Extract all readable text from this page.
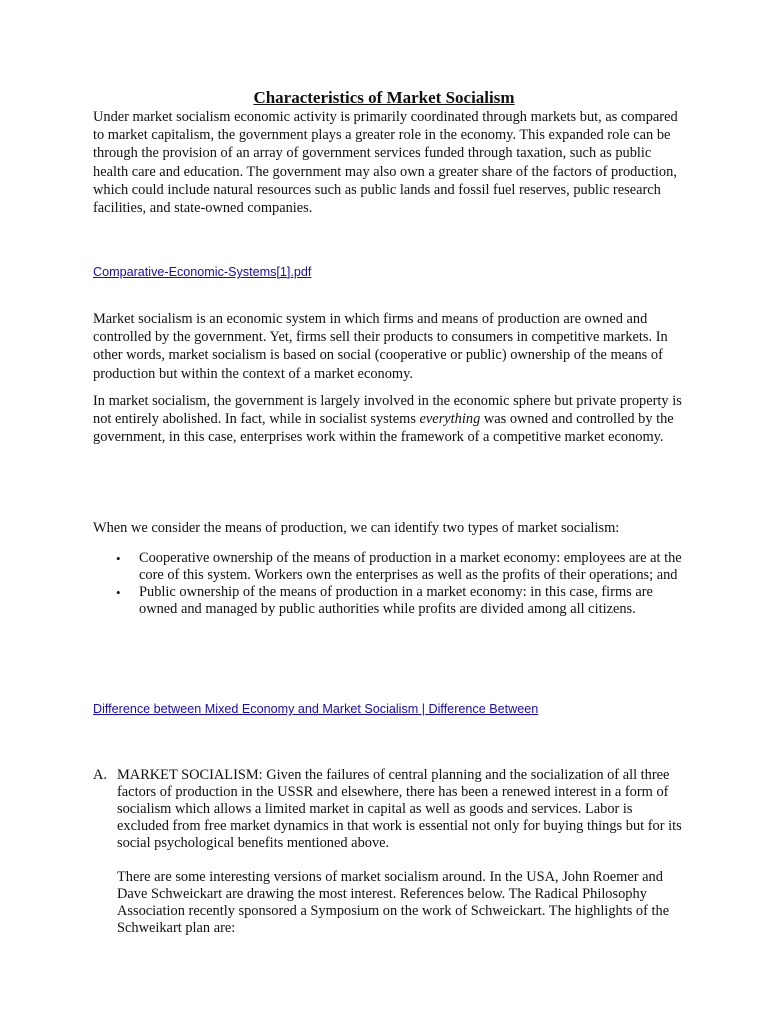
Characteristics of Market Socialism

Under market socialism economic activity is primarily coordinated through markets but, as compared to market capitalism, the government plays a greater role in the economy. This expanded role can be through the provision of an array of government services funded through taxation, such as public health care and education. The government may also own a greater share of the factors of production, which could include natural resources such as public lands and fossil fuel reserves, public research facilities, and state-owned companies.

Comparative-Economic-Systems[1].pdf

Market socialism is an economic system in which firms and means of production are owned and controlled by the government. Yet, firms sell their products to consumers in competitive markets. In other words, market socialism is based on social (cooperative or public) ownership of the means of production but within the context of a market economy.

In market socialism, the government is largely involved in the economic sphere but private property is not entirely abolished. In fact, while in socialist systems everything was owned and controlled by the government, in this case, enterprises work within the framework of a competitive market economy.

When we consider the means of production, we can identify two types of market socialism:

• Cooperative ownership of the means of production in a market economy: employees are at the core of this system. Workers own the enterprises as well as the profits of their operations; and
• Public ownership of the means of production in a market economy: in this case, firms are owned and managed by public authorities while profits are divided among all citizens.
Difference between Mixed Economy and Market Socialism | Difference Between
A. MARKET SOCIALISM: Given the failures of central planning and the socialization of all three factors of production in the USSR and elsewhere, there has been a renewed interest in a form of socialism which allows a limited market in capital as well as goods and services. Labor is excluded from free market dynamics in that work is essential not only for buying things but for its social psychological benefits mentioned above.

There are some interesting versions of market socialism around. In the USA, John Roemer and Dave Schweickart are drawing the most interest. References below. The Radical Philosophy Association recently sponsored a Symposium on the work of Schweickart. The highlights of the Schweikart plan are:
